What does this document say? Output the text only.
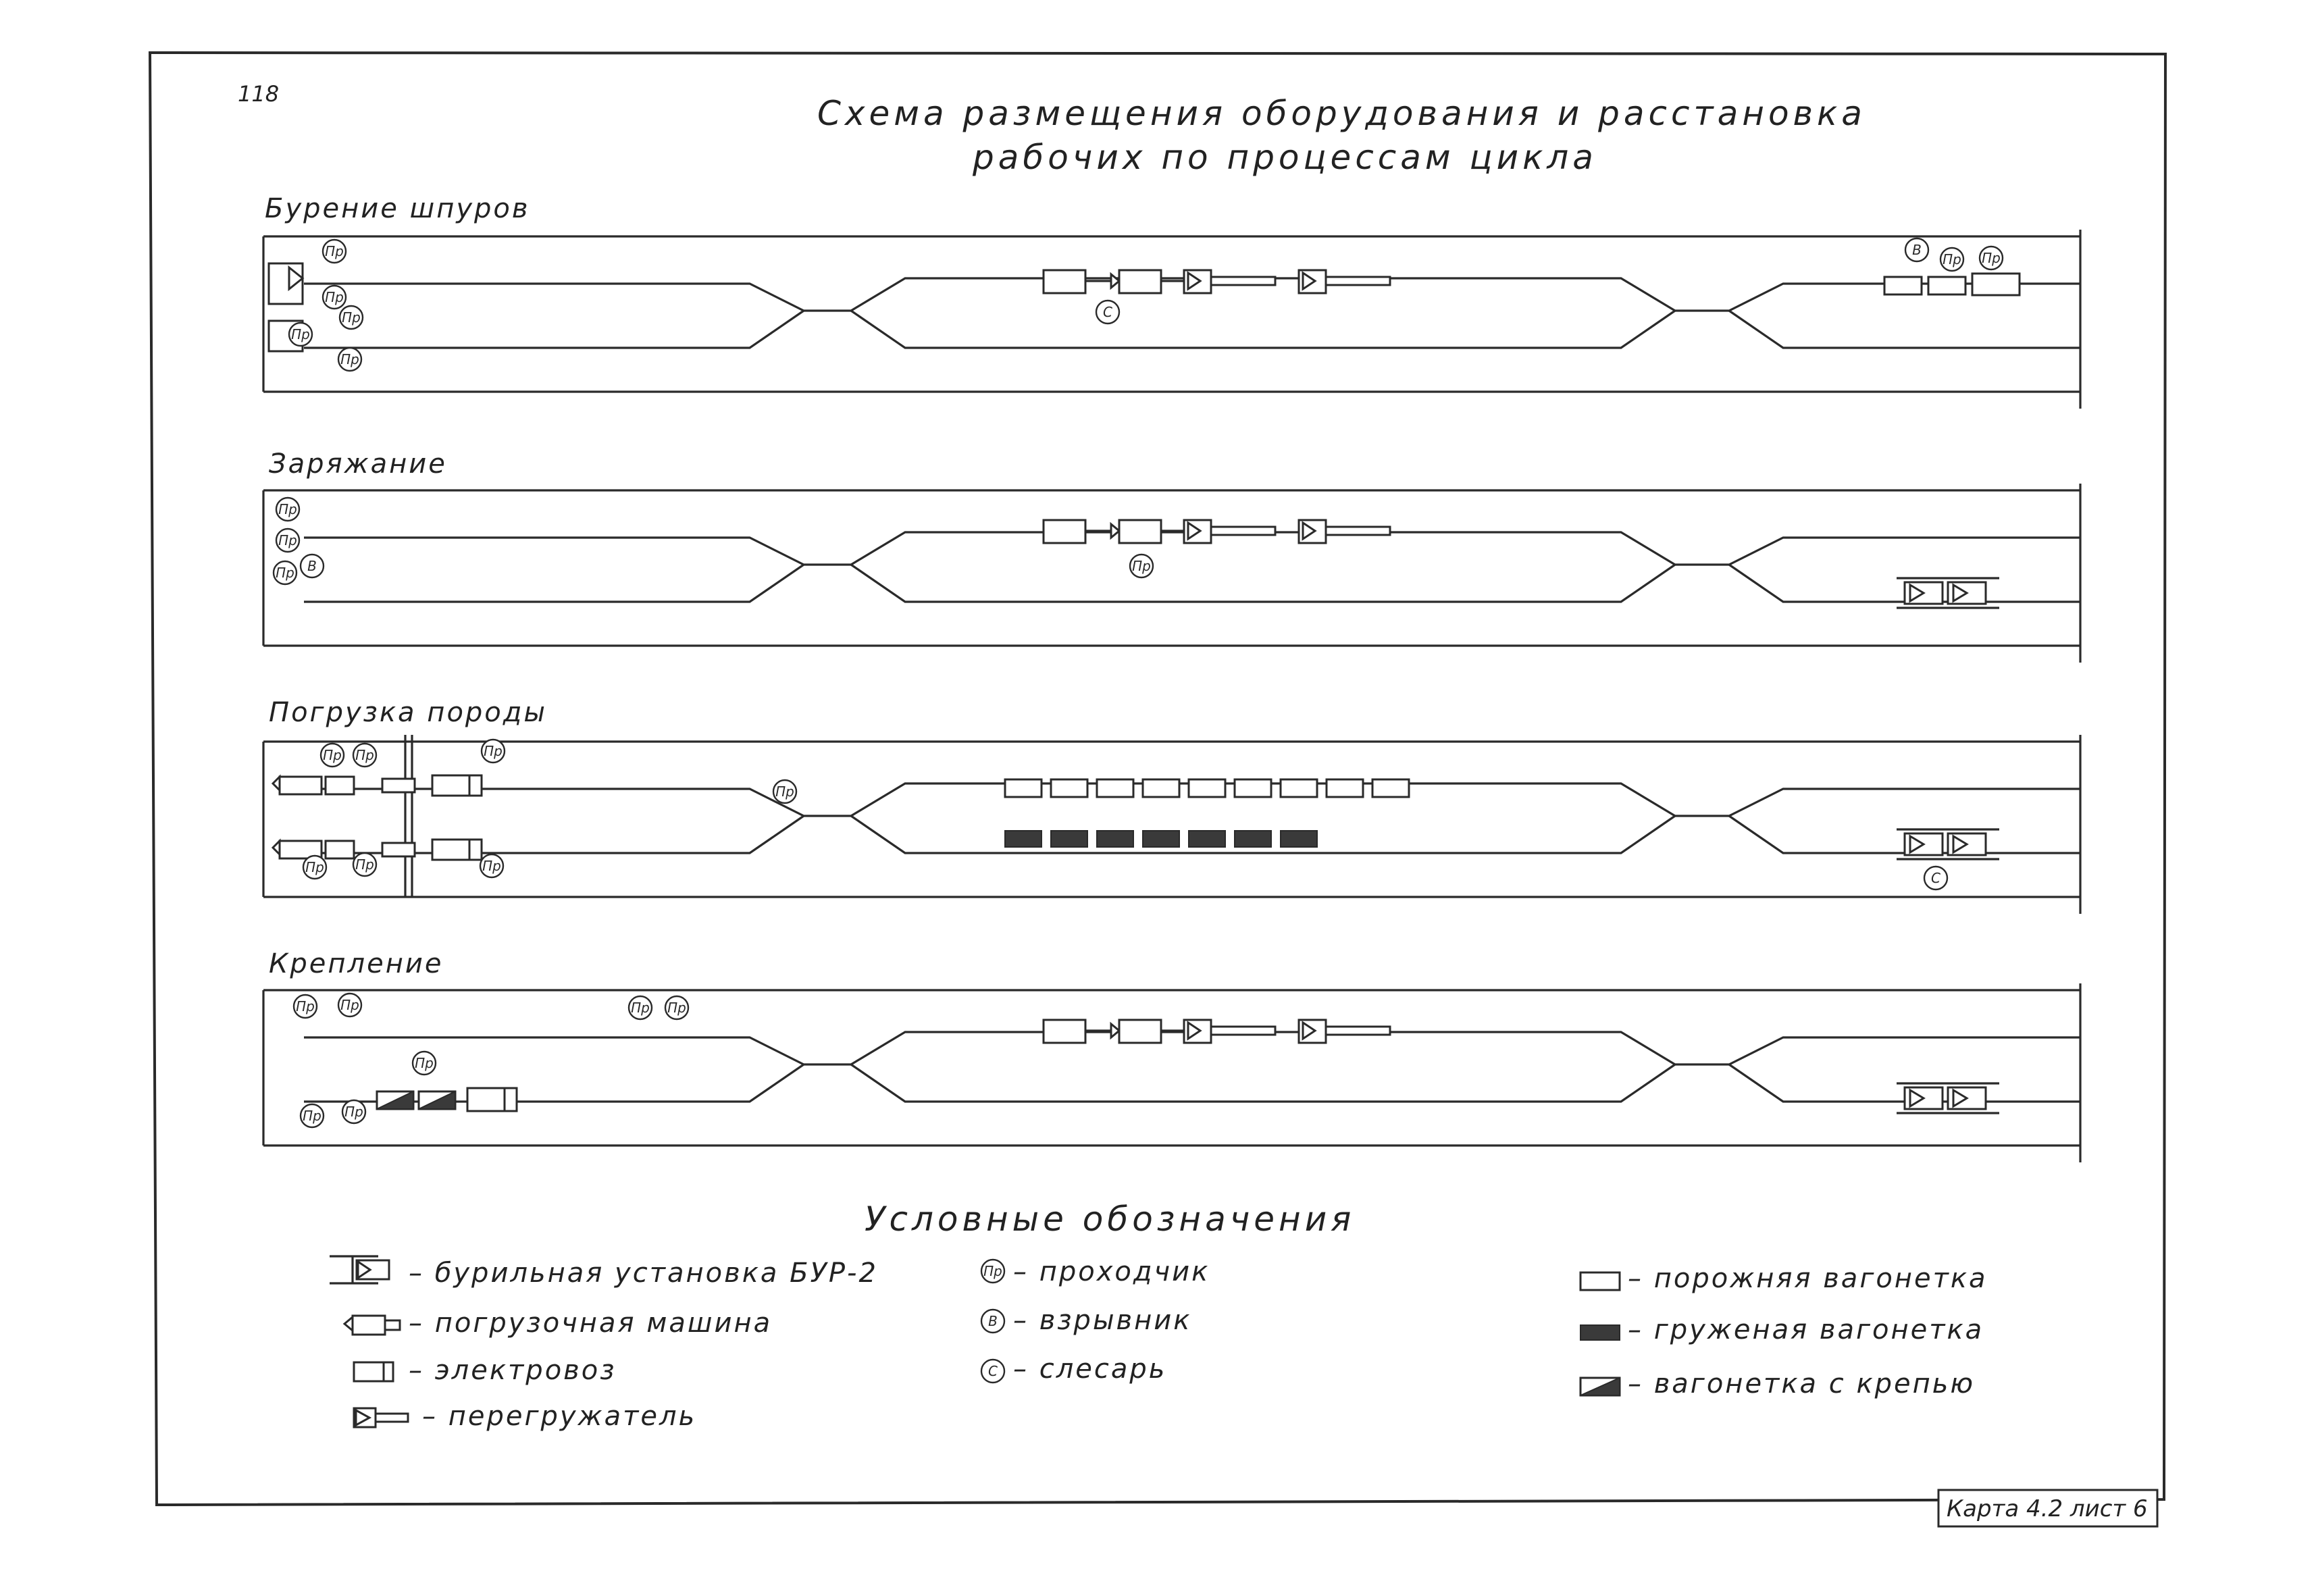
118	Схема размещения оборудования и расстановка
рабочих по процессам цикла
Бурение шпуров
Заряжание
Погрузка породы
Крепление
Условные обозначения
– бурильная установка БУР-2
– погрузочная машина
– электровоз
– перегружатель
– проходчик
– взрывник
– слесарь
– порожняя вагонетка
– груженая вагонетка
– вагонетка с крепью
Карта 4.2 лист 6
Пр
Пр
Пр
Пр
Пр
С
В
Пр Пр
Пр
Пр
Пр В	Пр
Пр Пр	Пр
Пр
Пр Пр	Пр
С
Пр Пр	Пр Пр
Пр
Пр Пр
Пр
В
С
